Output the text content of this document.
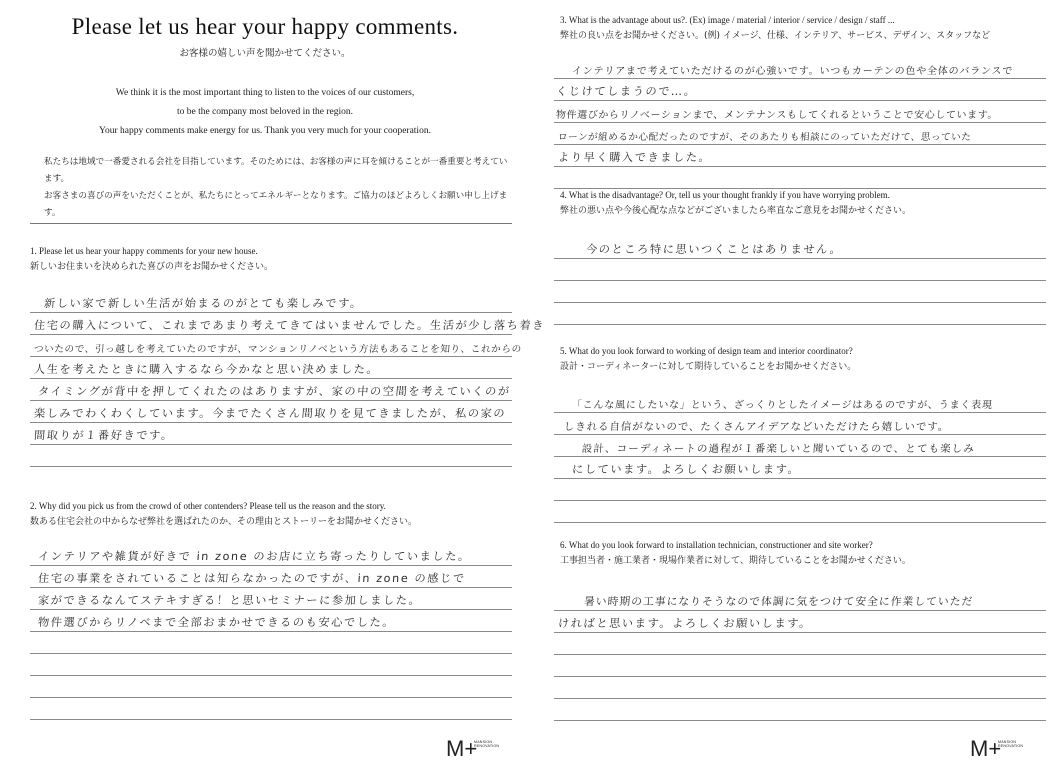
Please let us hear your happy comments.
お客様の嬉しい声を聞かせてください。
We think it is the most important thing to listen to the voices of our customers,
to be the company most beloved in the region.
Your happy comments make energy for us. Thank you very much for your cooperation.
私たちは地域で一番愛される会社を目指しています。そのためには、お客様の声に耳を傾けることが一番重要と考えています。
お客さまの喜びの声をいただくことが、私たちにとってエネルギーとなります。ご協力のほどよろしくお願い申し上げます。
1. Please let us hear your happy comments for your new house.
新しいお住まいを決められた喜びの声をお聞かせください。
新しい家で新しい生活が始まるのがとても楽しみです。
住宅の購入について、これまであまり考えてきてはいませんでした。生活が少し落ち着き
ついたので、引っ越しを考えていたのですが、マンションリノベという方法もあることを知り、これからの
人生を考えたときに購入するなら今かなと思い決めました。
タイミングが背中を押してくれたのはありますが、家の中の空間を考えていくのが
楽しみでわくわくしています。今までたくさん間取りを見てきましたが、私の家の
間取りが１番好きです。
2. Why did you pick us from the crowd of other contenders? Please tell us the reason and the story.
数ある住宅会社の中からなぜ弊社を選ばれたのか、その理由とストーリーをお聞かせください。
インテリアや雑貨が好きで in zone のお店に立ち寄ったりしていました。
住宅の事業をされていることは知らなかったのですが、in zone の感じで
家ができるなんてステキすぎる！と思いセミナーに参加しました。
物件選びからリノベまで全部おまかせできるのも安心でした。
M+
MANSION
RENOVATION
3. What is the advantage about us?. (Ex) image / material / interior / service / design / staff ...
弊社の良い点をお聞かせください。(例) イメージ、仕様、インテリア、サービス、デザイン、スタッフなど
インテリアまで考えていただけるのが心強いです。いつもカーテンの色や全体のバランスで
くじけてしまうので…。
物件選びからリノベーションまで、メンテナンスもしてくれるということで安心しています。
ローンが組めるか心配だったのですが、そのあたりも相談にのっていただけて、思っていた
より早く購入できました。
4. What is the disadvantage? Or, tell us your thought frankly if you have worrying problem.
弊社の悪い点や今後心配な点などがございましたら率直なご意見をお聞かせください。
今のところ特に思いつくことはありません。
5. What do you look forward to working of design team and interior coordinator?
設計・コーディネーターに対して期待していることをお聞かせください。
「こんな風にしたいな」という、ざっくりとしたイメージはあるのですが、うまく表現
しきれる自信がないので、たくさんアイデアなどいただけたら嬉しいです。
設計、コーディネートの過程が１番楽しいと聞いているので、とても楽しみ
にしています。よろしくお願いします。
6. What do you look forward to installation technician, constructioner and site worker?
工事担当者・施工業者・現場作業者に対して、期待していることをお聞かせください。
暑い時期の工事になりそうなので体調に気をつけて安全に作業していただ
ければと思います。よろしくお願いします。
M+
MANSION
RENOVATION
